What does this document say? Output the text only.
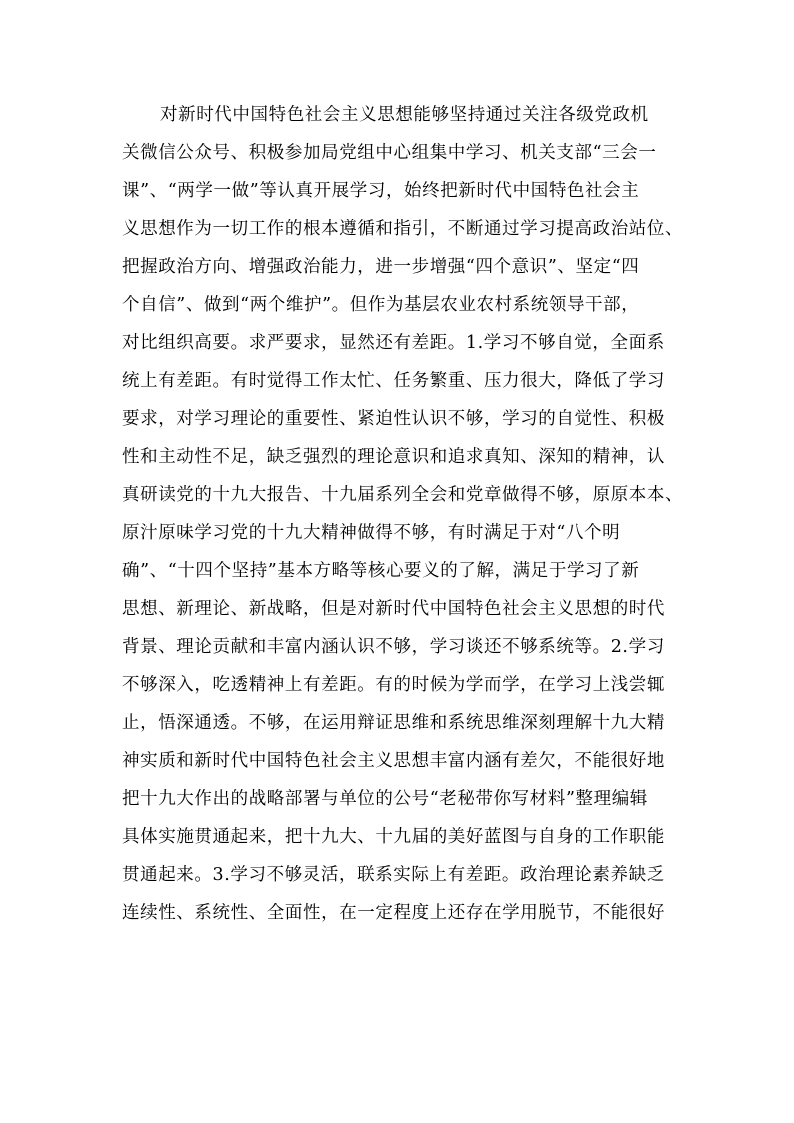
对新时代中国特色社会主义思想能够坚持通过关注各级党政机
关微信公众号、积极参加局党组中心组集中学习、机关支部“三会一
课”、“两学一做”等认真开展学习，始终把新时代中国特色社会主
义思想作为一切工作的根本遵循和指引，不断通过学习提高政治站位、
把握政治方向、增强政治能力，进一步增强“四个意识”、坚定“四
个自信”、做到“两个维护”。但作为基层农业农村系统领导干部，
对比组织高要。求严要求，显然还有差距。1.学习不够自觉，全面系
统上有差距。有时觉得工作太忙、任务繁重、压力很大，降低了学习
要求，对学习理论的重要性、紧迫性认识不够，学习的自觉性、积极
性和主动性不足，缺乏强烈的理论意识和追求真知、深知的精神，认
真研读党的十九大报告、十九届系列全会和党章做得不够，原原本本、
原汁原味学习党的十九大精神做得不够，有时满足于对“八个明
确”、“十四个坚持”基本方略等核心要义的了解，满足于学习了新
思想、新理论、新战略，但是对新时代中国特色社会主义思想的时代
背景、理论贡献和丰富内涵认识不够，学习谈还不够系统等。2.学习
不够深入，吃透精神上有差距。有的时候为学而学，在学习上浅尝辄
止，悟深通透。不够，在运用辩证思维和系统思维深刻理解十九大精
神实质和新时代中国特色社会主义思想丰富内涵有差欠，不能很好地
把十九大作出的战略部署与单位的公号“老秘带你写材料”整理编辑
具体实施贯通起来，把十九大、十九届的美好蓝图与自身的工作职能
贯通起来。3.学习不够灵活，联系实际上有差距。政治理论素养缺乏
连续性、系统性、全面性，在一定程度上还存在学用脱节，不能很好
